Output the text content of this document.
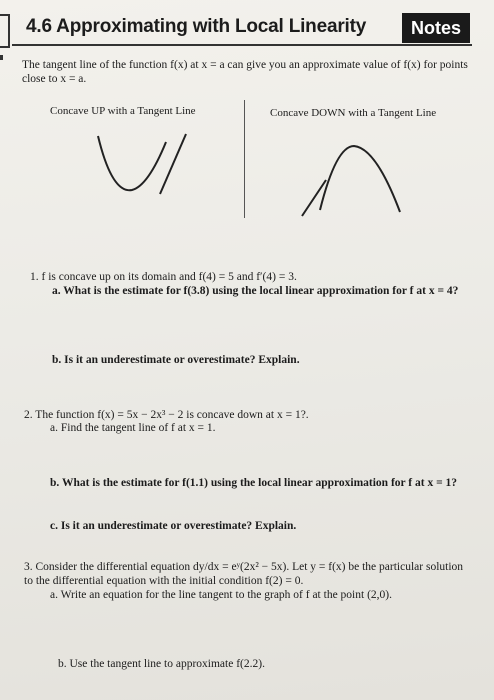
4.6 Approximating with Local Linearity	Notes
The tangent line of the function f(x) at x = a can give you an approximate value of f(x) for points close to x = a.
Concave UP with a Tangent Line	Concave DOWN with a Tangent Line
1. f is concave up on its domain and f(4) = 5 and f′(4) = 3.
a. What is the estimate for f(3.8) using the local linear approximation for f at x = 4?
b. Is it an underestimate or overestimate? Explain.
2. The function f(x) = 5x − 2x³ − 2 is concave down at x = 1?.
a. Find the tangent line of f at x = 1.
b. What is the estimate for f(1.1) using the local linear approximation for f at x = 1?
c. Is it an underestimate or overestimate? Explain.
3. Consider the differential equation dy/dx = eʸ(2x² − 5x). Let y = f(x) be the particular solution to the differential equation with the initial condition f(2) = 0.
a. Write an equation for the line tangent to the graph of f at the point (2,0).
b. Use the tangent line to approximate f(2.2).
